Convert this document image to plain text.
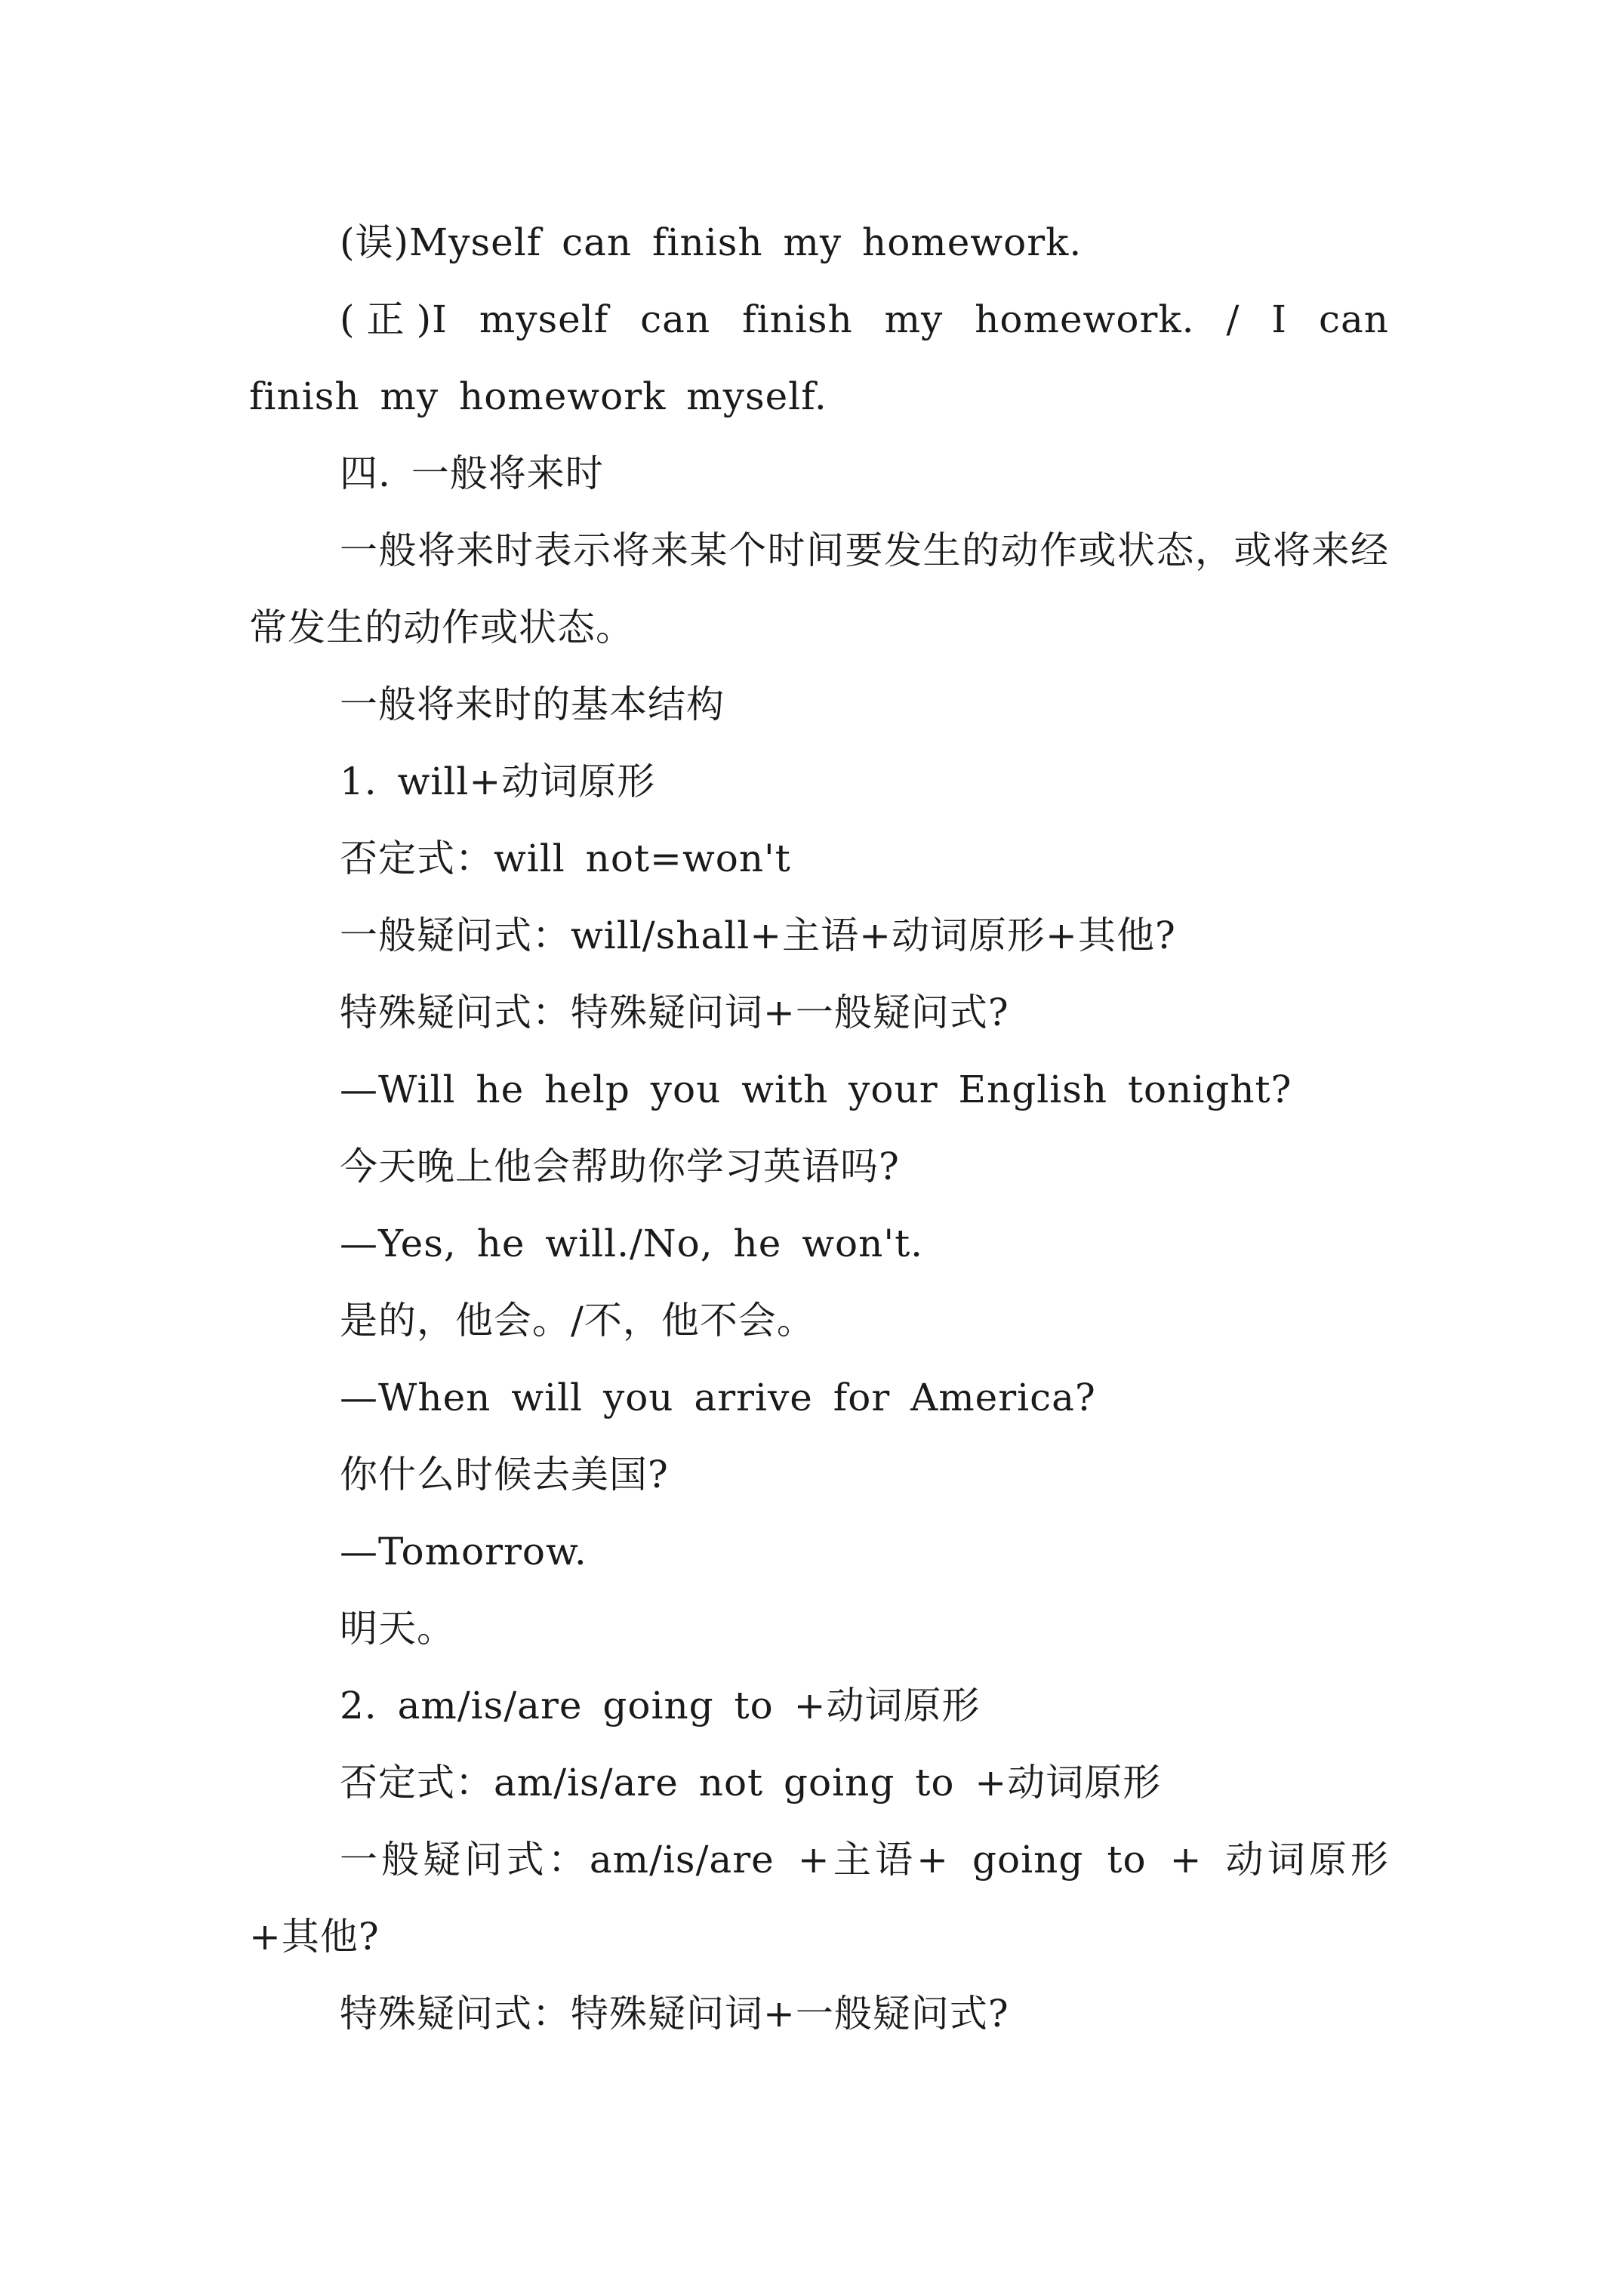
(误)Myself can finish my homework.

(正)I myself can finish my homework. / I can finish my homework myself.

四. 一般将来时

一般将来时表示将来某个时间要发生的动作或状态，或将来经常发生的动作或状态。

一般将来时的基本结构

1. will+动词原形

否定式：will not=won't

一般疑问式：will/shall+主语+动词原形+其他?

特殊疑问式：特殊疑问词+一般疑问式?

—Will he help you with your English tonight?

今天晚上他会帮助你学习英语吗?

—Yes, he will./No, he won't.

是的，他会。/不，他不会。

—When will you arrive for America?

你什么时候去美国?

—Tomorrow.

明天。

2. am/is/are going to +动词原形

否定式：am/is/are not going to +动词原形

一般疑问式：am/is/are +主语+ going to + 动词原形+其他?

特殊疑问式：特殊疑问词+一般疑问式?
